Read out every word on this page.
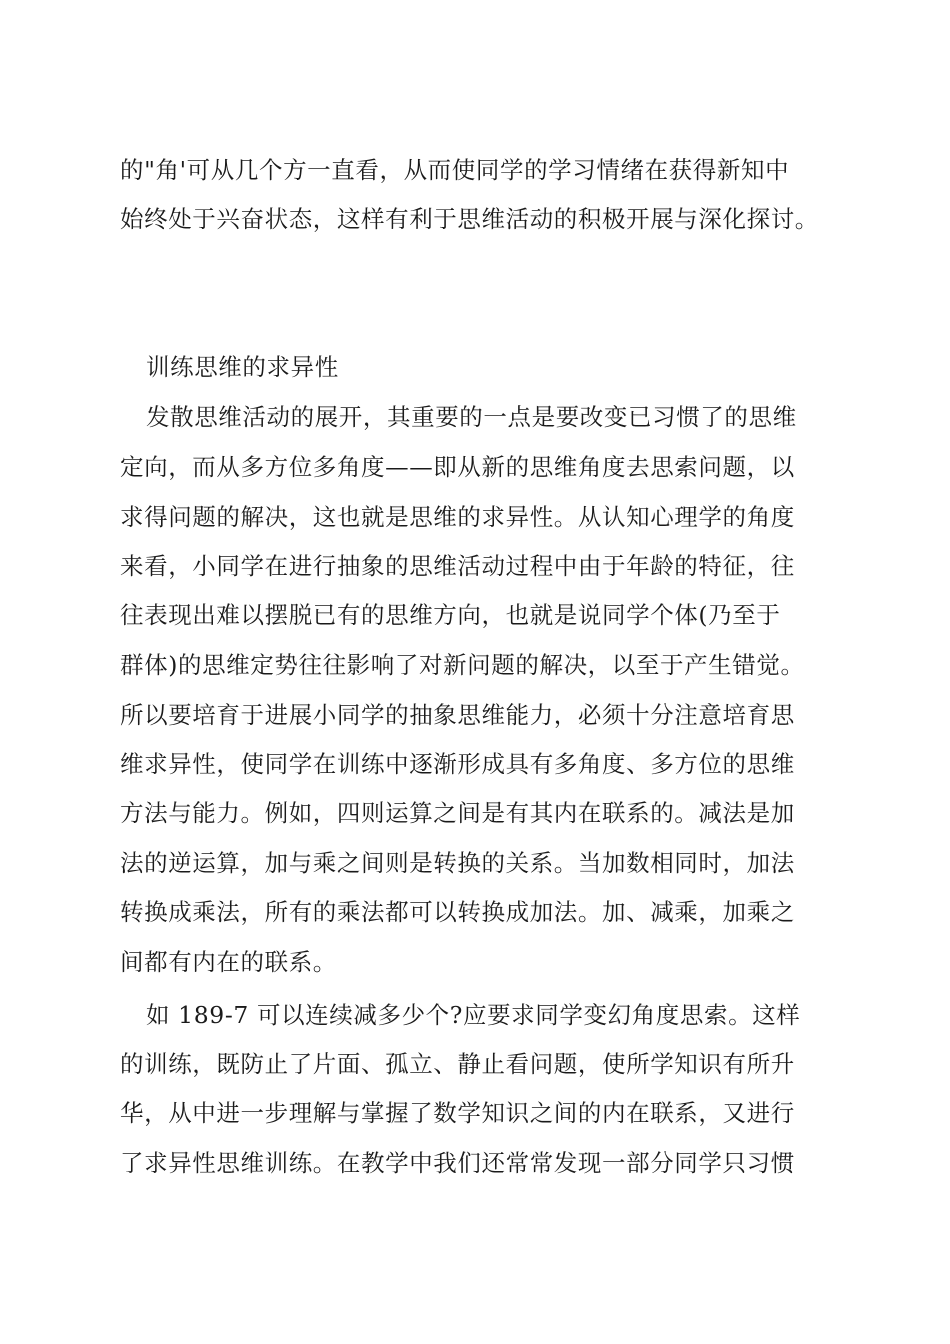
的"角'可从几个方一直看，从而使同学的学习情绪在获得新知中
始终处于兴奋状态，这样有利于思维活动的积极开展与深化探讨。
训练思维的求异性
发散思维活动的展开，其重要的一点是要改变已习惯了的思维
定向，而从多方位多角度——即从新的思维角度去思索问题，以
求得问题的解决，这也就是思维的求异性。从认知心理学的角度
来看，小同学在进行抽象的思维活动过程中由于年龄的特征，往
往表现出难以摆脱已有的思维方向，也就是说同学个体(乃至于
群体)的思维定势往往影响了对新问题的解决，以至于产生错觉。
所以要培育于进展小同学的抽象思维能力，必须十分注意培育思
维求异性，使同学在训练中逐渐形成具有多角度、多方位的思维
方法与能力。例如，四则运算之间是有其内在联系的。减法是加
法的逆运算，加与乘之间则是转换的关系。当加数相同时，加法
转换成乘法，所有的乘法都可以转换成加法。加、减乘，加乘之
间都有内在的联系。
如 189-7 可以连续减多少个?应要求同学变幻角度思索。这样
的训练，既防止了片面、孤立、静止看问题，使所学知识有所升
华，从中进一步理解与掌握了数学知识之间的内在联系，又进行
了求异性思维训练。在教学中我们还常常发现一部分同学只习惯
